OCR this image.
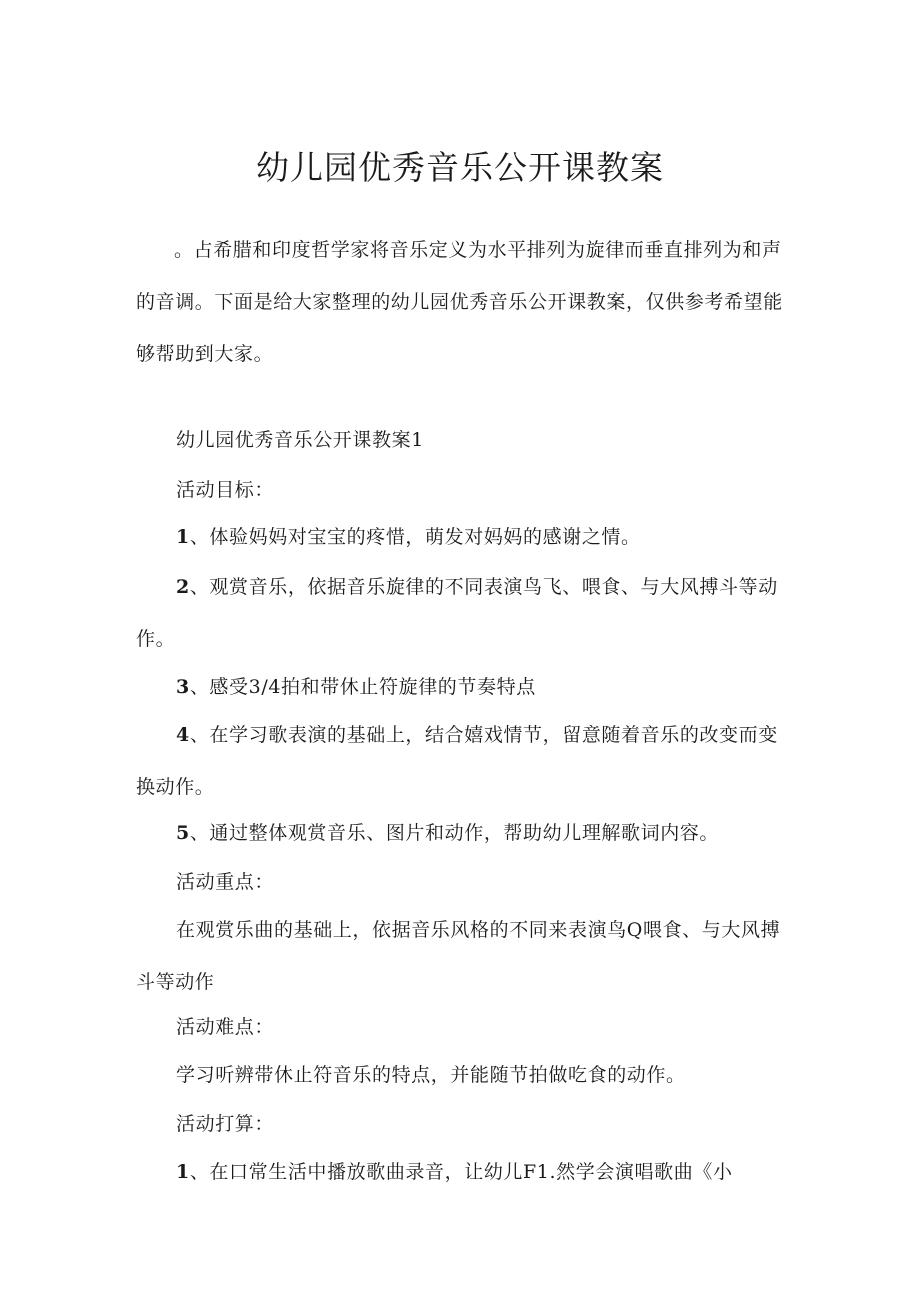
幼儿园优秀音乐公开课教案

。占希腊和印度哲学家将音乐定义为水平排列为旋律而垂直排列为和声的音调。下面是给大家整理的幼儿园优秀音乐公开课教案，仅供参考希望能够帮助到大家。

幼儿园优秀音乐公开课教案1

活动目标：

1、体验妈妈对宝宝的疼惜，萌发对妈妈的感谢之情。

2、观赏音乐，依据音乐旋律的不同表演鸟飞、喂食、与大风搏斗等动作。

3、感受3/4拍和带休止符旋律的节奏特点

4、在学习歌表演的基础上，结合嬉戏情节，留意随着音乐的改变而变换动作。

5、通过整体观赏音乐、图片和动作，帮助幼儿理解歌词内容。

活动重点：

在观赏乐曲的基础上，依据音乐风格的不同来表演鸟Q喂食、与大风搏斗等动作

活动难点：

学习听辨带休止符音乐的特点，并能随节拍做吃食的动作。

活动打算：

1、在口常生活中播放歌曲录音，让幼儿F1.然学会演唱歌曲《小
